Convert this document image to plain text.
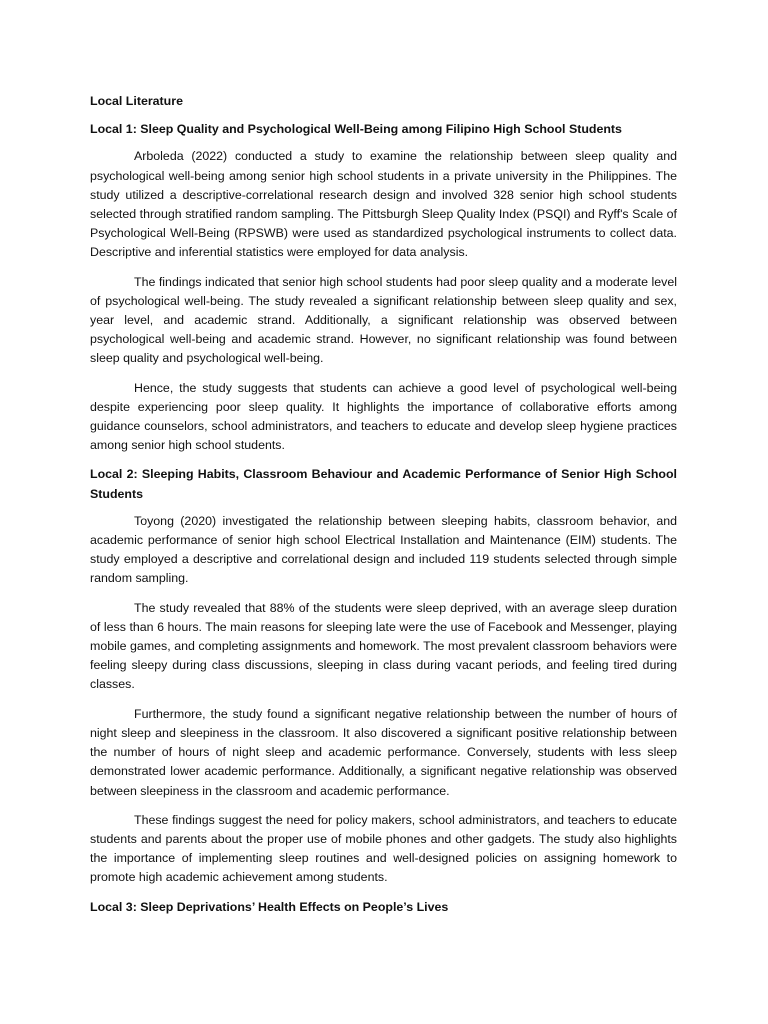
Local Literature
Local 1: Sleep Quality and Psychological Well-Being among Filipino High School Students

Arboleda (2022) conducted a study to examine the relationship between sleep quality and psychological well-being among senior high school students in a private university in the Philippines. The study utilized a descriptive-correlational research design and involved 328 senior high school students selected through stratified random sampling. The Pittsburgh Sleep Quality Index (PSQI) and Ryff's Scale of Psychological Well-Being (RPSWB) were used as standardized psychological instruments to collect data. Descriptive and inferential statistics were employed for data analysis.

The findings indicated that senior high school students had poor sleep quality and a moderate level of psychological well-being. The study revealed a significant relationship between sleep quality and sex, year level, and academic strand. Additionally, a significant relationship was observed between psychological well-being and academic strand. However, no significant relationship was found between sleep quality and psychological well-being.

Hence, the study suggests that students can achieve a good level of psychological well-being despite experiencing poor sleep quality. It highlights the importance of collaborative efforts among guidance counselors, school administrators, and teachers to educate and develop sleep hygiene practices among senior high school students.

Local 2: Sleeping Habits, Classroom Behaviour and Academic Performance of Senior High School Students

Toyong (2020) investigated the relationship between sleeping habits, classroom behavior, and academic performance of senior high school Electrical Installation and Maintenance (EIM) students. The study employed a descriptive and correlational design and included 119 students selected through simple random sampling.

The study revealed that 88% of the students were sleep deprived, with an average sleep duration of less than 6 hours. The main reasons for sleeping late were the use of Facebook and Messenger, playing mobile games, and completing assignments and homework. The most prevalent classroom behaviors were feeling sleepy during class discussions, sleeping in class during vacant periods, and feeling tired during classes.

Furthermore, the study found a significant negative relationship between the number of hours of night sleep and sleepiness in the classroom. It also discovered a significant positive relationship between the number of hours of night sleep and academic performance. Conversely, students with less sleep demonstrated lower academic performance. Additionally, a significant negative relationship was observed between sleepiness in the classroom and academic performance.

These findings suggest the need for policy makers, school administrators, and teachers to educate students and parents about the proper use of mobile phones and other gadgets. The study also highlights the importance of implementing sleep routines and well-designed policies on assigning homework to promote high academic achievement among students.

Local 3: Sleep Deprivations’ Health Effects on People’s Lives
